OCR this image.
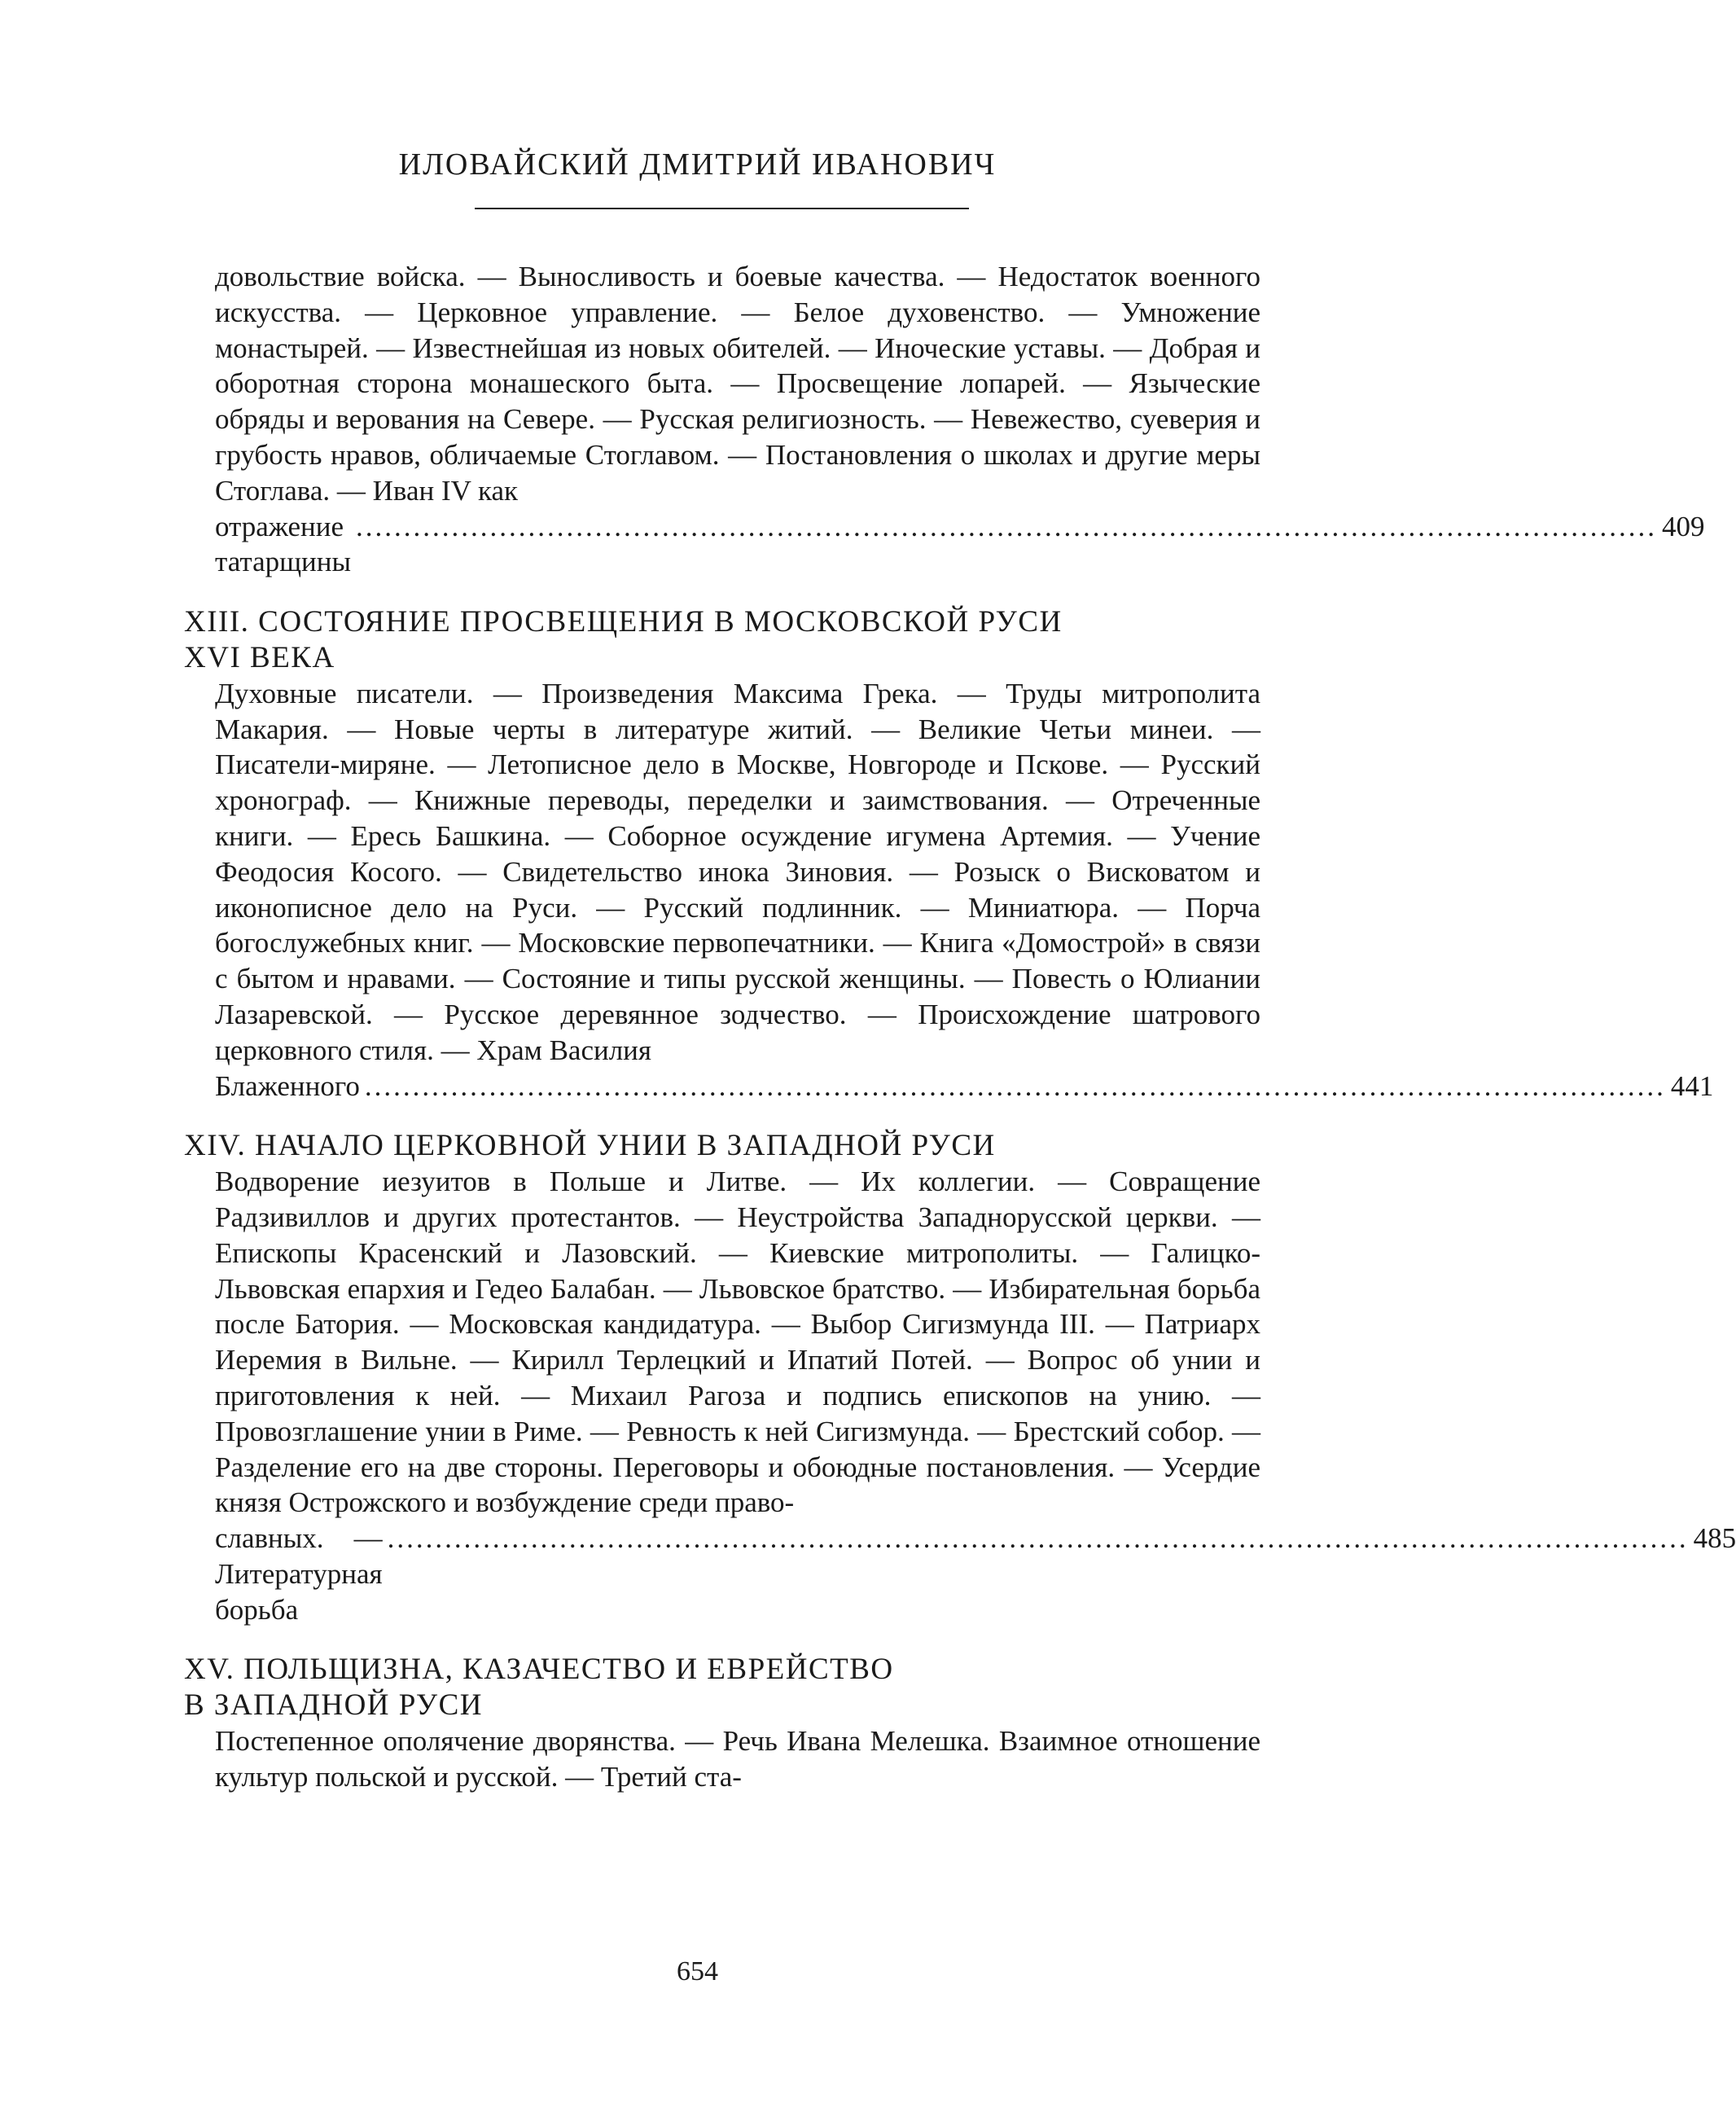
ИЛОВАЙСКИЙ ДМИТРИЙ ИВАНОВИЧ
довольствие войска. — Выносливость и боевые качества. — Недостаток военного искусства. — Церковное управление. — Белое духовенство. — Умножение монастырей. — Известнейшая из новых обителей. — Иноческие уставы. — Добрая и оборотная сторона монашеского быта. — Просвещение лопарей. — Языческие обряды и верования на Севере. — Русская религиозность. — Невежество, суеверия и грубость нравов, обличаемые Стоглавом. — Постановления о школах и другие меры Стоглава. — Иван IV как
отражение татарщины
........................................................................................................................................ 409
XIII. СОСТОЯНИЕ ПРОСВЕЩЕНИЯ В МОСКОВСКОЙ РУСИ
XVI ВЕКА
Духовные писатели. — Произведения Максима Грека. — Труды митрополита Макария. — Новые черты в литературе житий. — Великие Четьи минеи. — Писатели-миряне. — Летописное дело в Москве, Новгороде и Пскове. — Русский хронограф. — Книжные переводы, переделки и заимствования. — Отреченные книги. — Ересь Башкина. — Соборное осуждение игумена Артемия. — Учение Феодосия Косого. — Свидетельство инока Зиновия. — Розыск о Висковатом и иконописное дело на Руси. — Русский подлинник. — Миниатюра. — Порча богослужебных книг. — Московские первопечатники. — Книга «Домострой» в связи с бытом и нравами. — Состояние и типы русской женщины. — Повесть о Юлиании Лазаревской. — Русское деревянное зодчество. — Происхождение шатрового церковного стиля. — Храм Василия
Блаженного ........................................................................................................................................ 441
XIV. НАЧАЛО ЦЕРКОВНОЙ УНИИ В ЗАПАДНОЙ РУСИ
Водворение иезуитов в Польше и Литве. — Их коллегии. — Совращение Радзивиллов и других протестантов. — Неустройства Западнорусской церкви. — Епископы Красенский и Лазовский. — Киевские митрополиты. — Галицко-Львовская епархия и Гедео Балабан. — Львовское братство. — Избирательная борьба после Батория. — Московская кандидатура. — Выбор Сигизмунда III. — Патриарх Иеремия в Вильне. — Кирилл Терлецкий и Ипатий Потей. — Вопрос об унии и приготовления к ней. — Михаил Рагоза и подпись епископов на унию. — Провозглашение унии в Риме. — Ревность к ней Сигизмунда. — Брестский собор. — Разделение его на две стороны. Переговоры и обоюдные постановления. — Усердие князя Острожского и возбуждение среди право-
славных. — Литературная борьба
........................................................................................................................................ 485
XV. ПОЛЬЩИЗНА, КАЗАЧЕСТВО И ЕВРЕЙСТВО
В ЗАПАДНОЙ РУСИ
Постепенное ополячение дворянства. — Речь Ивана Мелешка. Взаимное отношение культур польской и русской. — Третий ста-
654
